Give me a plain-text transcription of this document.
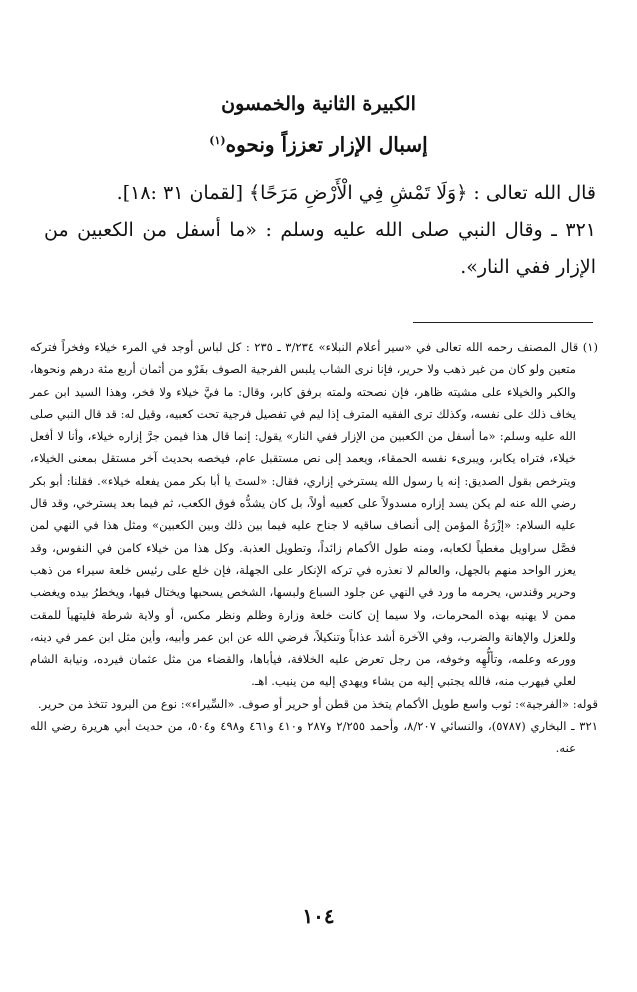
الكبيرة الثانية والخمسون
إسبال الإزار تعززاً ونحوه$^{(١)}$

قال الله تعالى : ﴿وَلَا تَمْشِ فِي الْأَرْضِ مَرَحًا﴾ [لقمان ٣١ :١٨].

٣٢١ ـ وقال النبي صلى الله عليه وسلم : «ما أسفل من الكعبين من الإزار ففي النار».

(١) قال المصنف رحمه الله تعالى في «سير أعلام النبلاء» ٣/٢٣٤ ـ ٢٣٥ : كل لباس أوجد في المرء خيلاء وفخراً فتركه متعين ولو كان من غير ذهب ولا حرير، فإنا نرى الشاب يلبس الفرجية الصوف بفَرْو من أثمان أربع مئة درهم ونحوها، والكبر والخيلاء على مشيته ظاهر، فإن نصحته ولمته برفق كابر، وقال: ما فيَّ خيلاء ولا فخر، وهذا السيد ابن عمر يخاف ذلك على نفسه، وكذلك ترى الفقيه المترف إذا ليم في تفصيل فرجية تحت كعبيه، وقيل له: قد قال النبي صلى الله عليه وسلم: «ما أسفل من الكعبين من الإزار ففي النار» يقول: إنما قال هذا فيمن جرَّ إزاره خيلاء، وأنا لا أفعل خيلاء، فتراه يكابر، ويبرىء نفسه الحمقاء، ويعمد إلى نص مستقبل عام، فيخصه بحديث آخر مستقل بمعنى الخيلاء، ويترخص بقول الصديق: إنه يا رسول الله يسترخي إزاري، فقال: «لستَ يا أبا بكر ممن يفعله خيلاء». فقلنا: أبو بكر رضي الله عنه لم يكن يسد إزاره مسدولاً على كعبيه أولاً، بل كان يشدُّه فوق الكعب، ثم فيما بعد يسترخي، وقد قال عليه السلام: «إزْرَةُ المؤمن إلى أنصاف ساقيه لا جناح عليه فيما بين ذلك وبين الكعبين» ومثل هذا في النهي لمن فصَّل سراويل مغطياً لكعابه، ومنه طول الأكمام زائداً، وتطويل العذبة. وكل هذا من خيلاء كامن في النفوس، وقد يعزر الواحد منهم بالجهل، والعالم لا نعذره في تركه الإنكار على الجهلة، فإن خلع على رئيس خلعة سيراء من ذهب وحرير وقندس، يحرمه ما ورد في النهي عن جلود السباع ولبسها، الشخص يسحبها ويختال فيها، ويخطرُ بيده ويغضب ممن لا يهنيه بهذه المحرمات، ولا سيما إن كانت خلعة وزارة وظلم ونظر مكس، أو ولاية شرطة فليتهيأ للمقت وللعزل والإهانة والضرب، وفي الآخرة أشد عذاباً وتنكيلاً، فرضي الله عن ابن عمر وأبيه، وأين مثل ابن عمر في دينه، وورعه وعلمه، وتألُّهِه وخوفه، من رجل تعرض عليه الخلافة، فيأباها، والقضاء من مثل عثمان فيرده، ونيابة الشام لعلي فيهرب منه، فالله يجتبي إليه من يشاء ويهدي إليه من ينيب. اهـ.

قوله: «الفرجية»: ثوب واسع طويل الأكمام يتخذ من قطن أو حرير أو صوف. «السِّيراء»: نوع من البرود تتخذ من حرير.

٣٢١ ـ البخاري (٥٧٨٧)، والنسائي ٨/٢٠٧، وأحمد ٢/٢٥٥ و٢٨٧ و٤١٠ و٤٦١ و٤٩٨ و٥٠٤، من حديث أبي هريرة رضي الله عنه.

١٠٤
